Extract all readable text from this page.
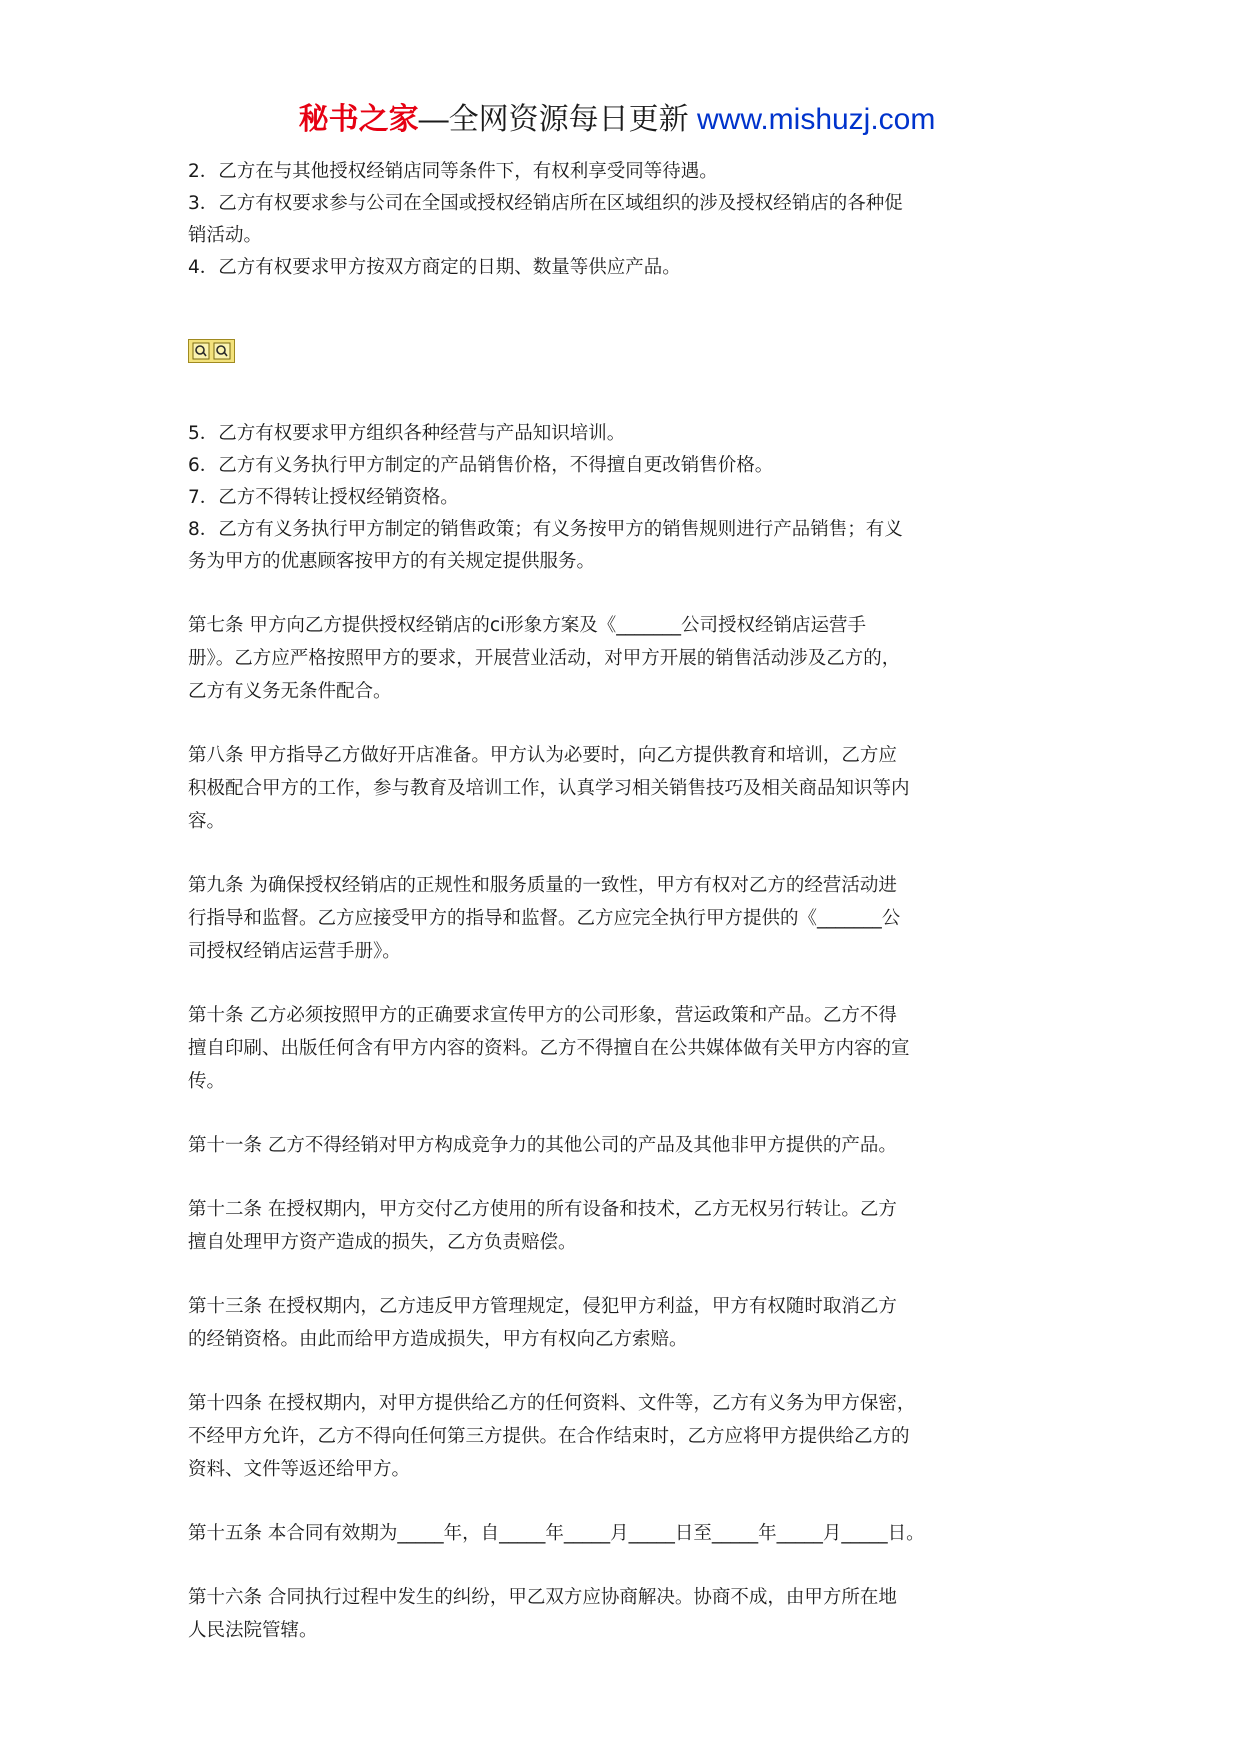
秘书之家—全网资源每日更新 www.mishuzj.com
2．乙方在与其他授权经销店同等条件下，有权利享受同等待遇。
3．乙方有权要求参与公司在全国或授权经销店所在区域组织的涉及授权经销店的各种促
销活动。
4．乙方有权要求甲方按双方商定的日期、数量等供应产品。
5．乙方有权要求甲方组织各种经营与产品知识培训。
6．乙方有义务执行甲方制定的产品销售价格，不得擅自更改销售价格。
7．乙方不得转让授权经销资格。
8．乙方有义务执行甲方制定的销售政策；有义务按甲方的销售规则进行产品销售；有义
务为甲方的优惠顾客按甲方的有关规定提供服务。
第七条 甲方向乙方提供授权经销店的ci形象方案及《_______公司授权经销店运营手
册》。乙方应严格按照甲方的要求，开展营业活动，对甲方开展的销售活动涉及乙方的，
乙方有义务无条件配合。
第八条 甲方指导乙方做好开店准备。甲方认为必要时，向乙方提供教育和培训，乙方应
积极配合甲方的工作，参与教育及培训工作，认真学习相关销售技巧及相关商品知识等内
容。
第九条 为确保授权经销店的正规性和服务质量的一致性，甲方有权对乙方的经营活动进
行指导和监督。乙方应接受甲方的指导和监督。乙方应完全执行甲方提供的《_______公
司授权经销店运营手册》。
第十条 乙方必须按照甲方的正确要求宣传甲方的公司形象，营运政策和产品。乙方不得
擅自印刷、出版任何含有甲方内容的资料。乙方不得擅自在公共媒体做有关甲方内容的宣
传。
第十一条 乙方不得经销对甲方构成竞争力的其他公司的产品及其他非甲方提供的产品。
第十二条 在授权期内，甲方交付乙方使用的所有设备和技术，乙方无权另行转让。乙方
擅自处理甲方资产造成的损失，乙方负责赔偿。
第十三条 在授权期内，乙方违反甲方管理规定，侵犯甲方利益，甲方有权随时取消乙方
的经销资格。由此而给甲方造成损失，甲方有权向乙方索赔。
第十四条 在授权期内，对甲方提供给乙方的任何资料、文件等，乙方有义务为甲方保密，
不经甲方允许，乙方不得向任何第三方提供。在合作结束时，乙方应将甲方提供给乙方的
资料、文件等返还给甲方。
第十五条 本合同有效期为_____年，自_____年_____月_____日至_____年_____月_____日。
第十六条 合同执行过程中发生的纠纷，甲乙双方应协商解决。协商不成，由甲方所在地
人民法院管辖。
